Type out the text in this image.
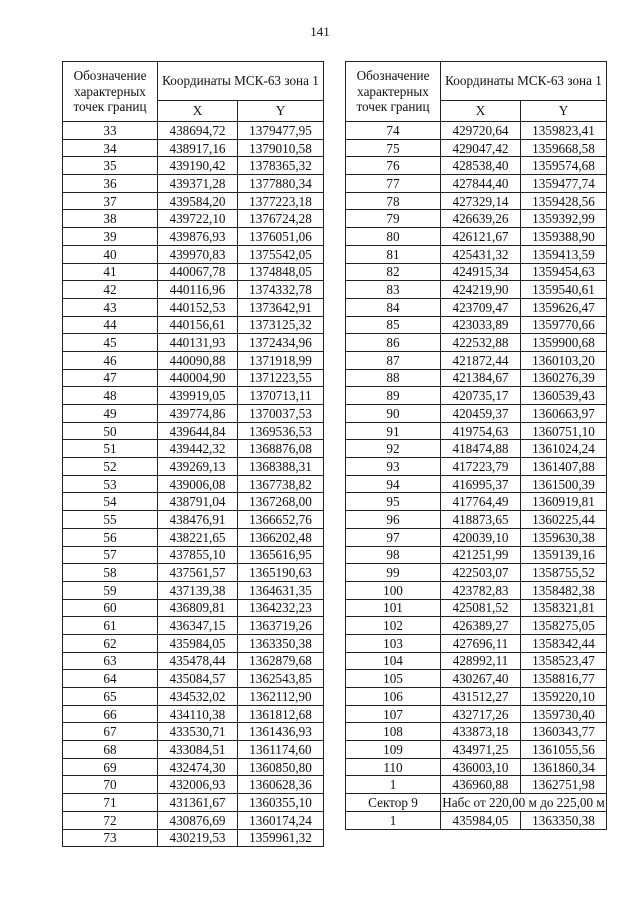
141
Обозначение характерных точек границ	Координаты МСК-63 зона 1	
	X	Y
33	438694,72	1379477,95
34	438917,16	1379010,58
35	439190,42	1378365,32
36	439371,28	1377880,34
37	439584,20	1377223,18
38	439722,10	1376724,28
39	439876,93	1376051,06
40	439970,83	1375542,05
41	440067,78	1374848,05
42	440116,96	1374332,78
43	440152,53	1373642,91
44	440156,61	1373125,32
45	440131,93	1372434,96
46	440090,88	1371918,99
47	440004,90	1371223,55
48	439919,05	1370713,11
49	439774,86	1370037,53
50	439644,84	1369536,53
51	439442,32	1368876,08
52	439269,13	1368388,31
53	439006,08	1367738,82
54	438791,04	1367268,00
55	438476,91	1366652,76
56	438221,65	1366202,48
57	437855,10	1365616,95
58	437561,57	1365190,63
59	437139,38	1364631,35
60	436809,81	1364232,23
61	436347,15	1363719,26
62	435984,05	1363350,38
63	435478,44	1362879,68
64	435084,57	1362543,85
65	434532,02	1362112,90
66	434110,38	1361812,68
67	433530,71	1361436,93
68	433084,51	1361174,60
69	432474,30	1360850,80
70	432006,93	1360628,36
71	431361,67	1360355,10
72	430876,69	1360174,24
73	430219,53	1359961,32
Обозначение характерных точек границ	Координаты МСК-63 зона 1	
	X	Y
74	429720,64	1359823,41
75	429047,42	1359668,58
76	428538,40	1359574,68
77	427844,40	1359477,74
78	427329,14	1359428,56
79	426639,26	1359392,99
80	426121,67	1359388,90
81	425431,32	1359413,59
82	424915,34	1359454,63
83	424219,90	1359540,61
84	423709,47	1359626,47
85	423033,89	1359770,66
86	422532,88	1359900,68
87	421872,44	1360103,20
88	421384,67	1360276,39
89	420735,17	1360539,43
90	420459,37	1360663,97
91	419754,63	1360751,10
92	418474,88	1361024,24
93	417223,79	1361407,88
94	416995,37	1361500,39
95	417764,49	1360919,81
96	418873,65	1360225,44
97	420039,10	1359630,38
98	421251,99	1359139,16
99	422503,07	1358755,52
100	423782,83	1358482,38
101	425081,52	1358321,81
102	426389,27	1358275,05
103	427696,11	1358342,44
104	428992,11	1358523,47
105	430267,40	1358816,77
106	431512,27	1359220,10
107	432717,26	1359730,40
108	433873,18	1360343,77
109	434971,25	1361055,56
110	436003,10	1361860,34
1	436960,88	1362751,98
Сектор 9	Набс от 220,00 м до 225,00 м	
1	435984,05	1363350,38
